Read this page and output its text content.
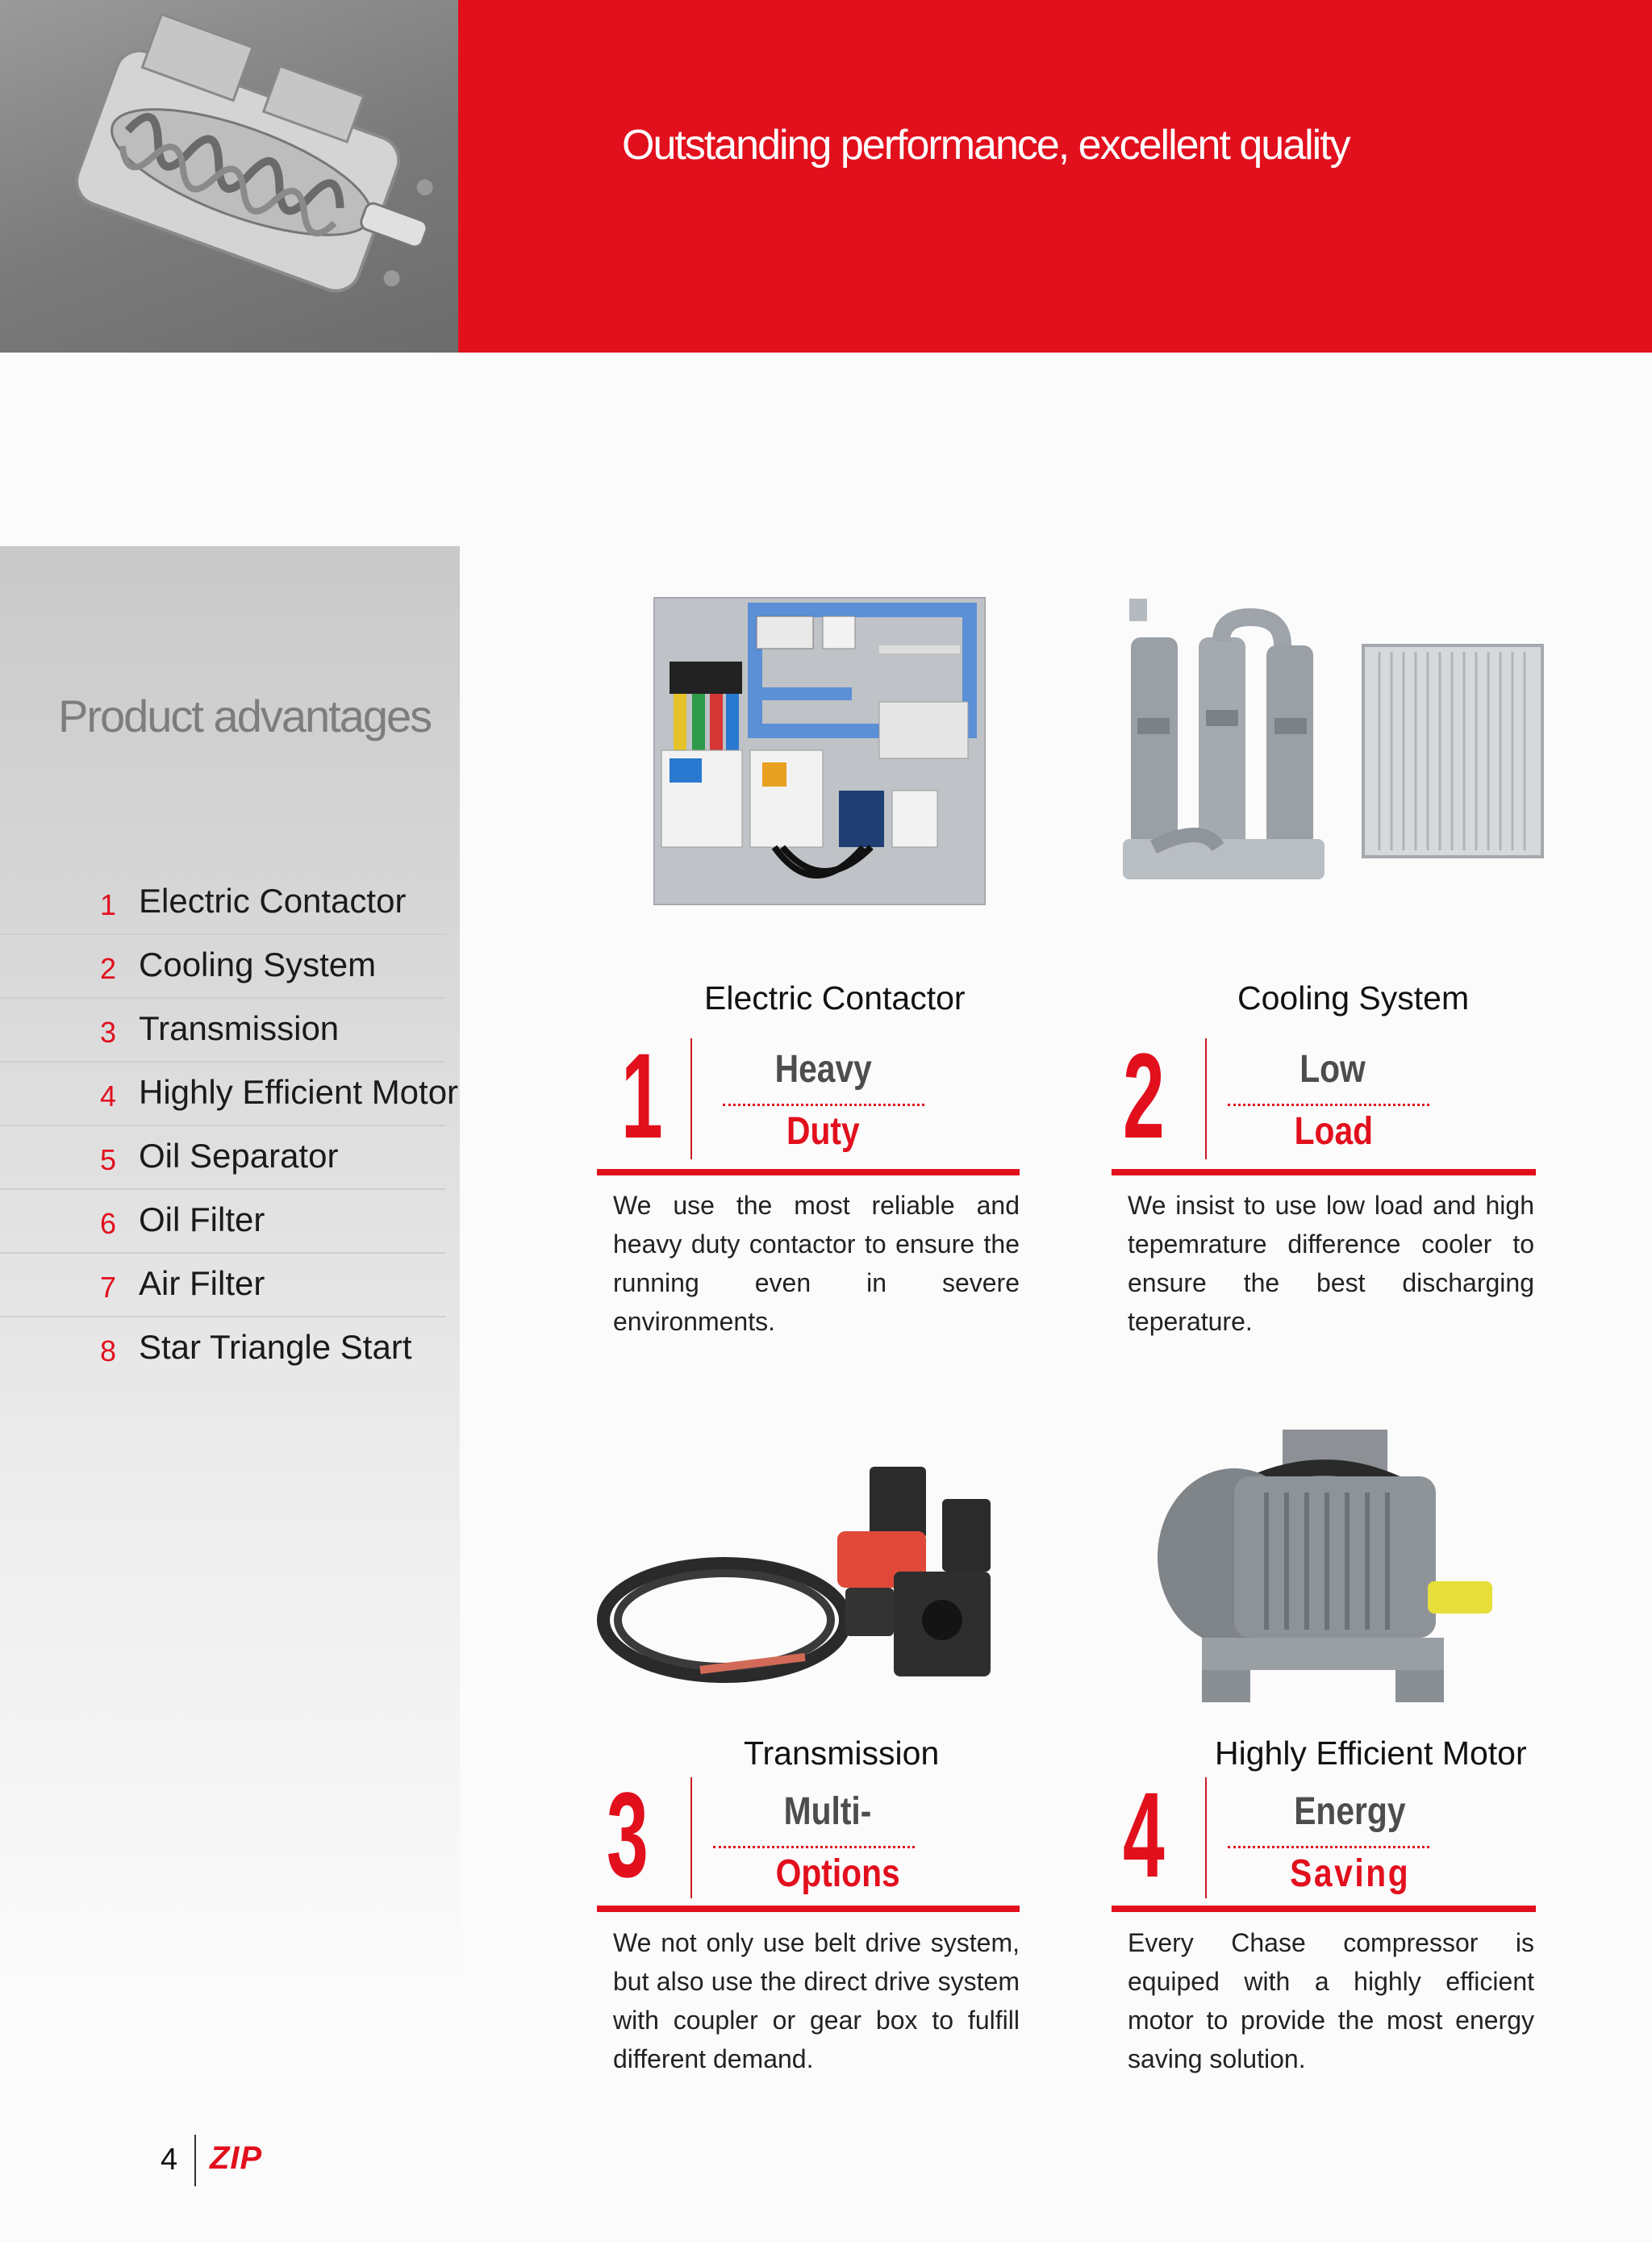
Outstanding performance, excellent quality
Product advantages
1 Electric Contactor
2 Cooling System
3 Transmission
4 Highly Efficient Motor
5 Oil Separator
6 Oil Filter
7 Air Filter
8 Star Triangle Start
Electric Contactor
1	Heavy
Duty
We use the most reliable and heavy duty contactor to ensure the running even in severe environments.
Cooling System
2	Low
Load
We insist to use low load and high tepemrature difference cooler to ensure the best discharging teperature.
Transmission
3	Multi-
Options
We not only use belt drive system, but also use the direct drive system with coupler or gear box to fulfill different demand.
Highly Efficient Motor
4	Energy
Saving
Every Chase compressor is equiped with a highly efficient motor to provide the most energy saving solution.
4 ZIP
